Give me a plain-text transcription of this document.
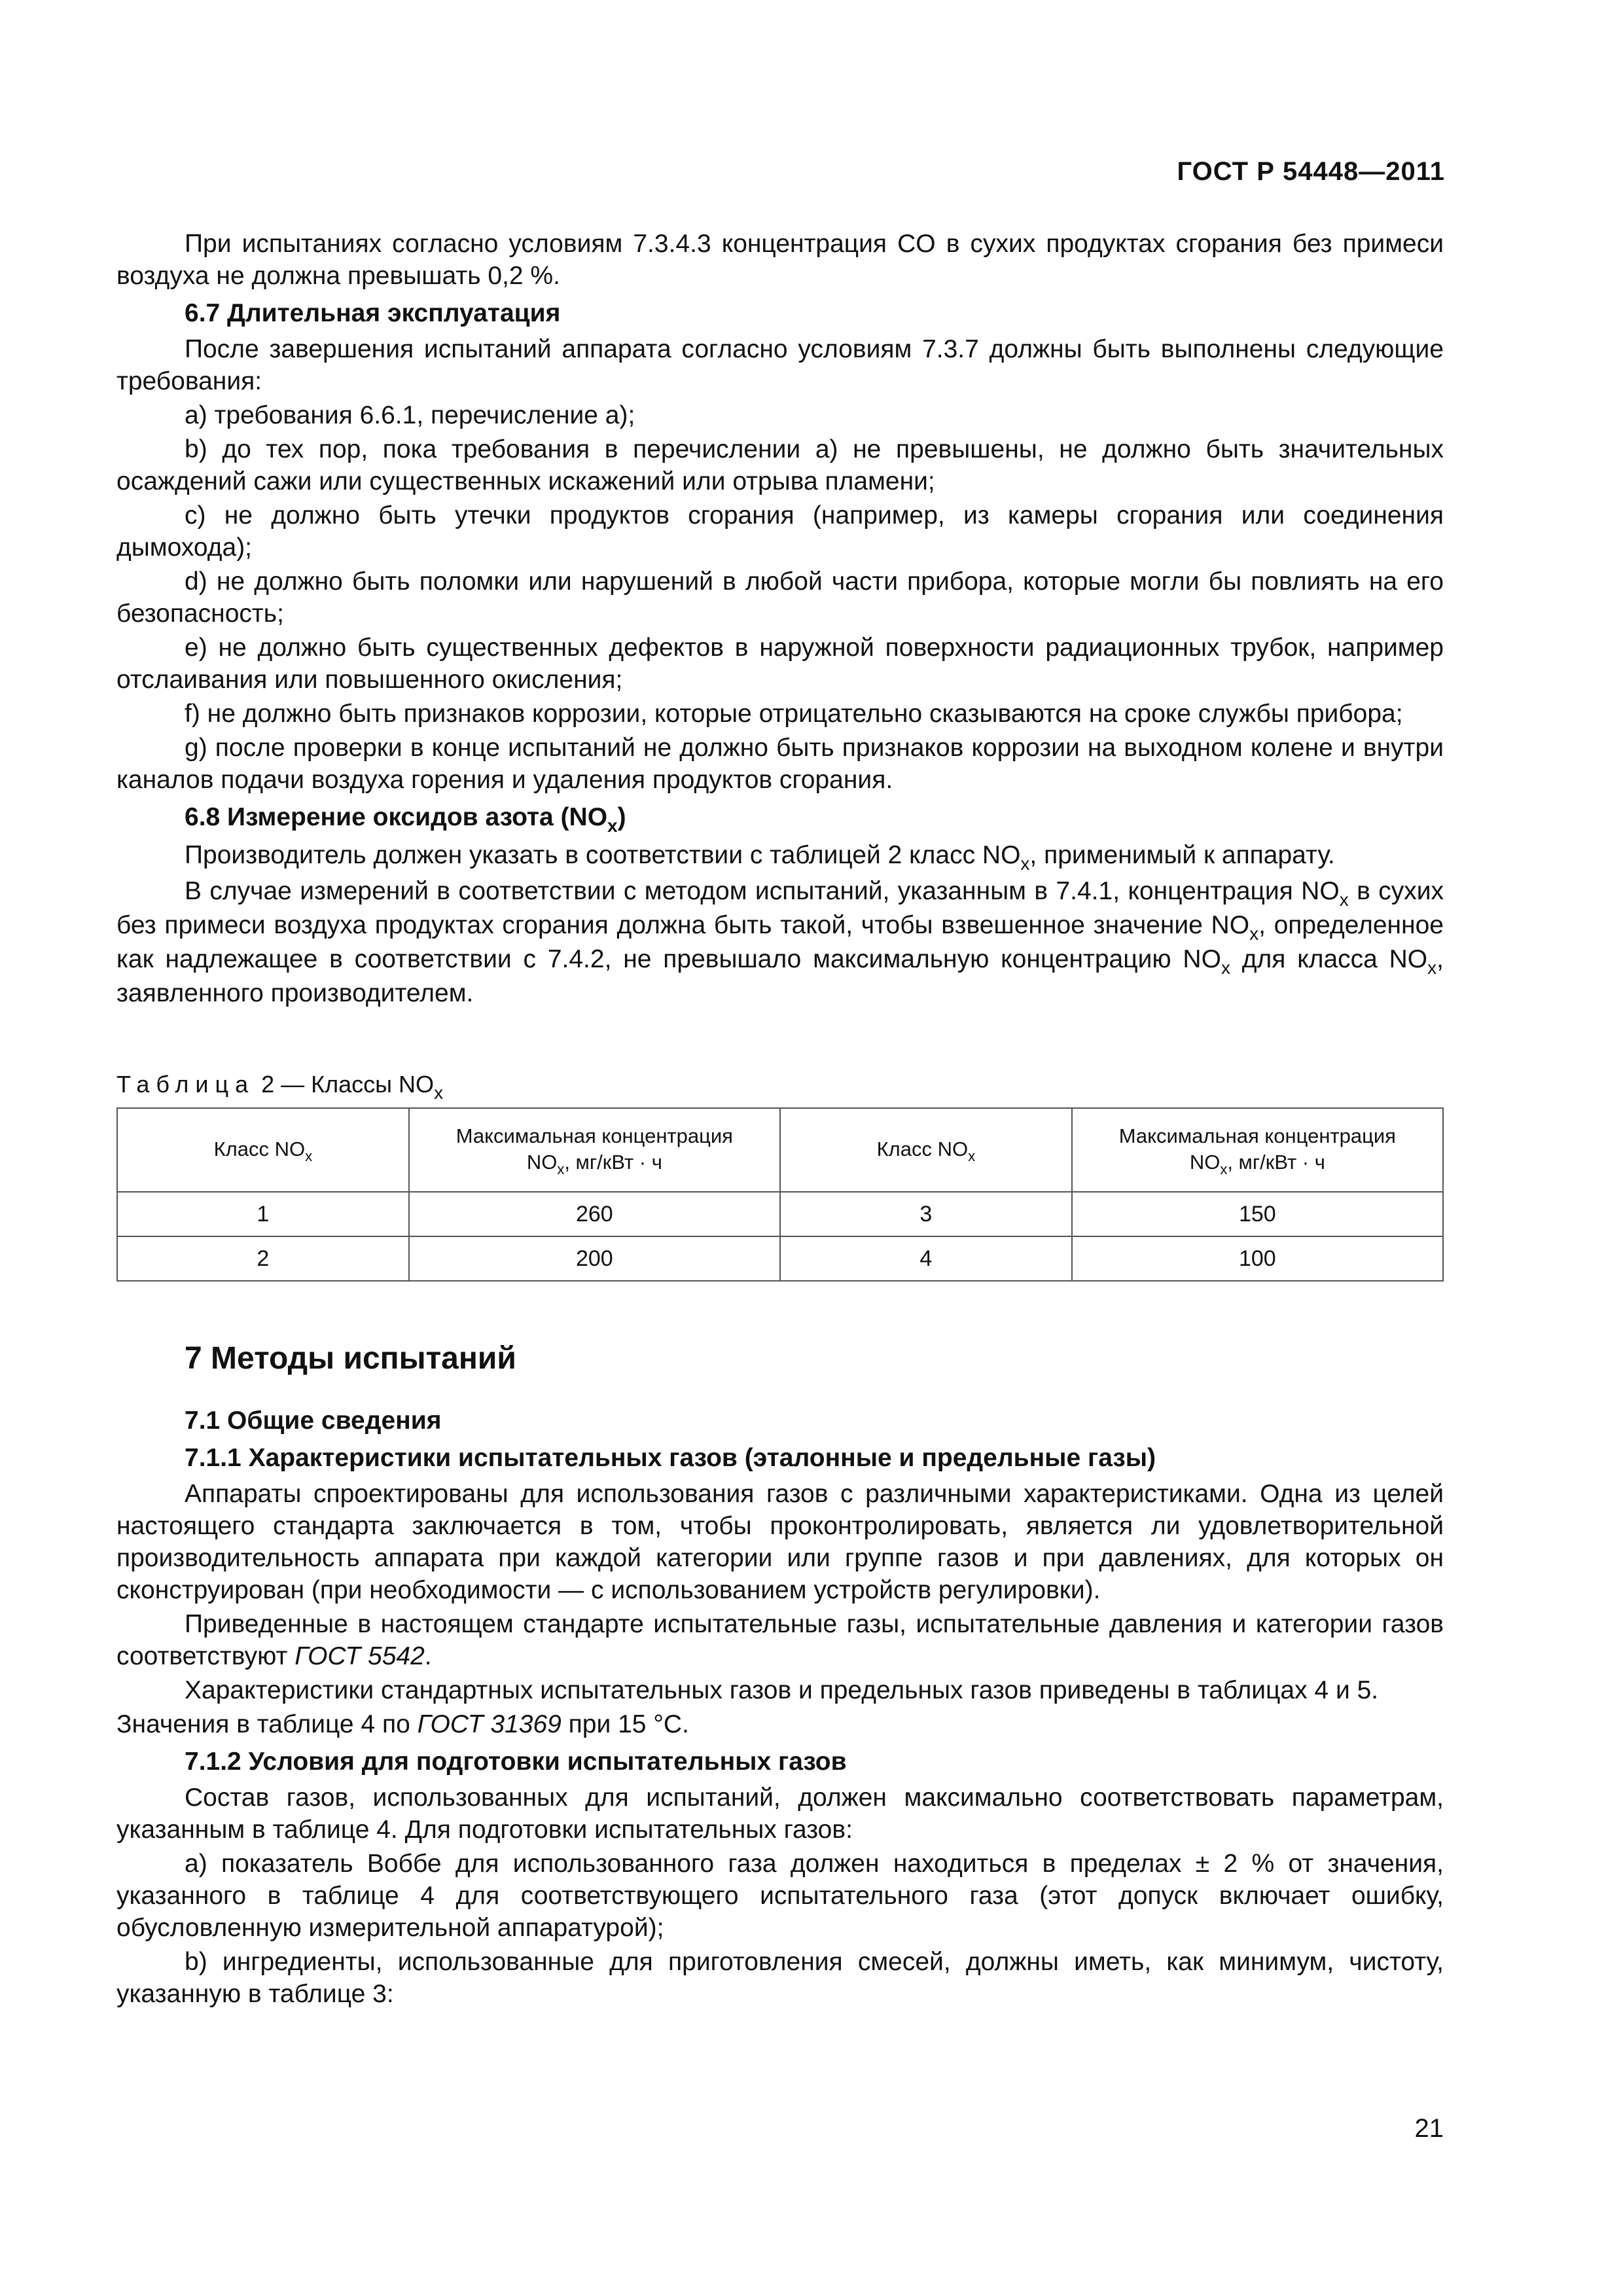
ГОСТ Р 54448—2011

При испытаниях согласно условиям 7.3.4.3 концентрация CO в сухих продуктах сгорания без примеси воздуха не должна превышать 0,2 %.

6.7 Длительная эксплуатация

После завершения испытаний аппарата согласно условиям 7.3.7 должны быть выполнены следующие требования:

a) требования 6.6.1, перечисление a);

b) до тех пор, пока требования в перечислении a) не превышены, не должно быть значительных осаждений сажи или существенных искажений или отрыва пламени;

c) не должно быть утечки продуктов сгорания (например, из камеры сгорания или соединения дымохода);

d) не должно быть поломки или нарушений в любой части прибора, которые могли бы повлиять на его безопасность;

e) не должно быть существенных дефектов в наружной поверхности радиационных трубок, например отслаивания или повышенного окисления;

f) не должно быть признаков коррозии, которые отрицательно сказываются на сроке службы прибора;

g) после проверки в конце испытаний не должно быть признаков коррозии на выходном колене и внутри каналов подачи воздуха горения и удаления продуктов сгорания.

6.8 Измерение оксидов азота $(NO_x)$

Производитель должен указать в соответствии с таблицей 2 класс $NO_x$, применимый к аппарату.

В случае измерений в соответствии с методом испытаний, указанным в 7.4.1, концентрация $NO_x$ в сухих без примеси воздуха продуктах сгорания должна быть такой, чтобы взвешенное значение $NO_x$, определенное как надлежащее в соответствии с 7.4.2, не превышало максимальную концентрацию $NO_x$ для класса $NO_x$, заявленного производителем.

Таблица 2 — Классы $NO_x$

Класс $NO_x$	Максимальная концентрация
$NO_x$, мг/кВт · ч	Класс $NO_x$	Максимальная концентрация
$NO_x$, мг/кВт · ч
1	260	3	150
2	200	4	100
7 Методы испытаний
7.1 Общие сведения
7.1.1 Характеристики испытательных газов (эталонные и предельные газы)

Аппараты спроектированы для использования газов с различными характеристиками. Одна из целей настоящего стандарта заключается в том, чтобы проконтролировать, является ли удовлетворительной производительность аппарата при каждой категории или группе газов и при давлениях, для которых он сконструирован (при необходимости — с использованием устройств регулировки).

Приведенные в настоящем стандарте испытательные газы, испытательные давления и категории газов соответствуют ГОСТ 5542.

Характеристики стандартных испытательных газов и предельных газов приведены в таблицах 4 и 5.

Значения в таблице 4 по ГОСТ 31369 при 15 °С.

7.1.2 Условия для подготовки испытательных газов

Состав газов, использованных для испытаний, должен максимально соответствовать параметрам, указанным в таблице 4. Для подготовки испытательных газов:

a) показатель Воббе для использованного газа должен находиться в пределах ± 2 % от значения, указанного в таблице 4 для соответствующего испытательного газа (этот допуск включает ошибку, обусловленную измерительной аппаратурой);

b) ингредиенты, использованные для приготовления смесей, должны иметь, как минимум, чистоту, указанную в таблице 3:

21
